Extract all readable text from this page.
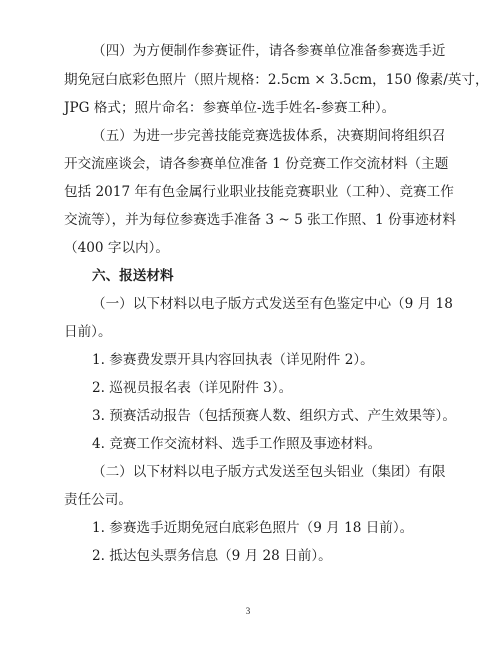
（四）为方便制作参赛证件，请各参赛单位准备参赛选手近
期免冠白底彩色照片（照片规格：2.5cm × 3.5cm，150 像素/英寸，
JPG 格式；照片命名：参赛单位-选手姓名-参赛工种）。
（五）为进一步完善技能竞赛选拔体系，决赛期间将组织召
开交流座谈会，请各参赛单位准备 1 份竞赛工作交流材料（主题
包括 2017 年有色金属行业职业技能竞赛职业（工种）、竞赛工作
交流等），并为每位参赛选手准备 3 ~ 5 张工作照、1 份事迹材料
（400 字以内）。
六、报送材料
（一）以下材料以电子版方式发送至有色鉴定中心（9 月 18
日前）。
1. 参赛费发票开具内容回执表（详见附件 2）。
2. 巡视员报名表（详见附件 3）。
3. 预赛活动报告（包括预赛人数、组织方式、产生效果等）。
4. 竞赛工作交流材料、选手工作照及事迹材料。
（二）以下材料以电子版方式发送至包头铝业（集团）有限
责任公司。
1. 参赛选手近期免冠白底彩色照片（9 月 18 日前）。
2. 抵达包头票务信息（9 月 28 日前）。
3
